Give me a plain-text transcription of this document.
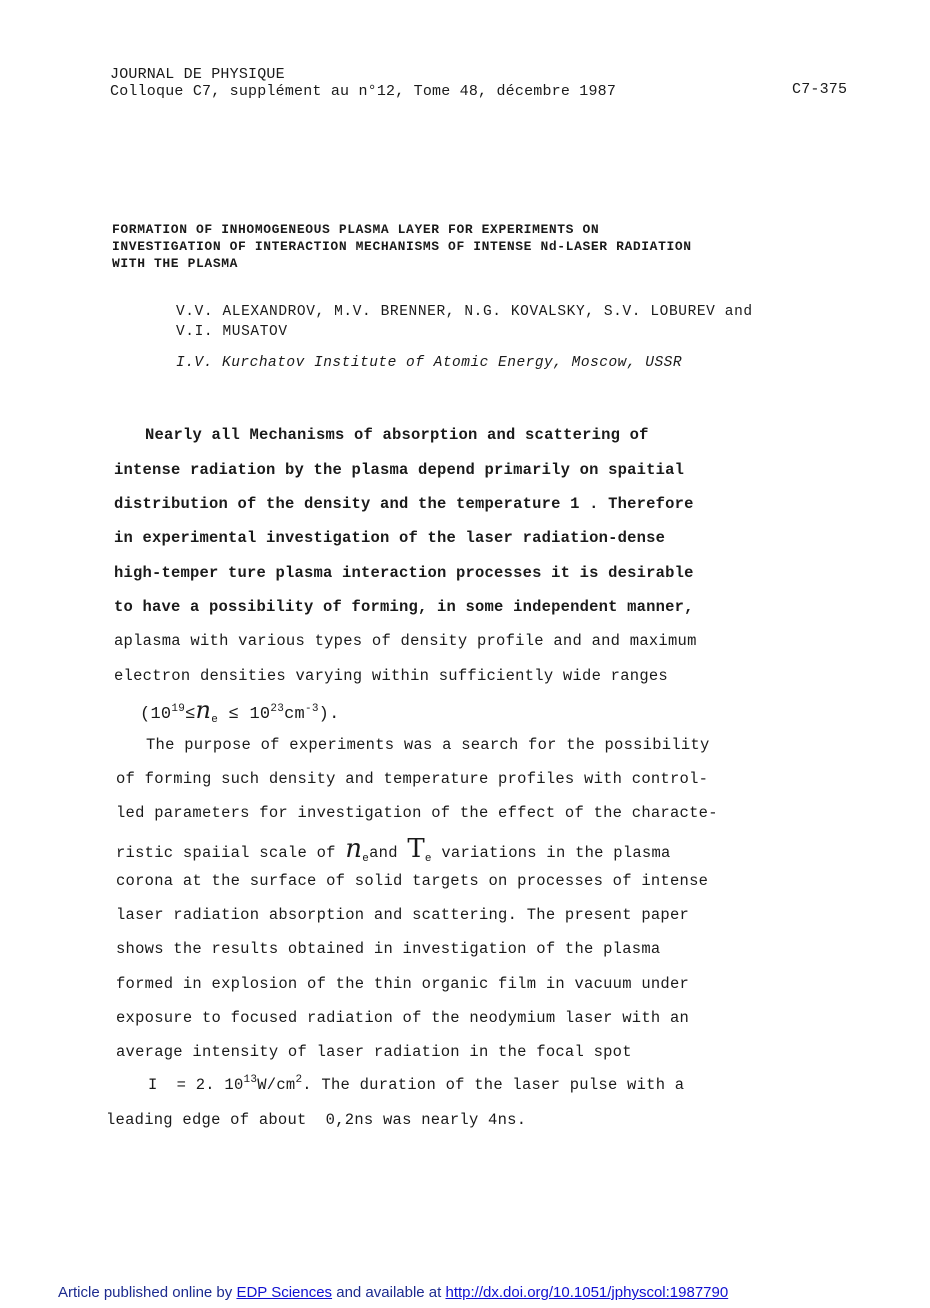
JOURNAL DE PHYSIQUE
Colloque C7, supplément au n°12, Tome 48, décembre 1987	C7-375
FORMATION OF INHOMOGENEOUS PLASMA LAYER FOR EXPERIMENTS ON
INVESTIGATION OF INTERACTION MECHANISMS OF INTENSE Nd-LASER RADIATION
WITH THE PLASMA
V.V. ALEXANDROV, M.V. BRENNER, N.G. KOVALSKY, S.V. LOBUREV and
V.I. MUSATOV
I.V. Kurchatov Institute of Atomic Energy, Moscow, USSR
Nearly all Mechanisms of absorption and scattering of
intense radiation by the plasma depend primarily on spaitial
distribution of the density and the temperature 1 . Therefore
in experimental investigation of the laser radiation-dense
high-temper ture plasma interaction processes it is desirable
to have a possibility of forming, in some independent manner,
aplasma with various types of density profile and and maximum
electron densities varying within sufficiently wide ranges
$(10^{19}\le n_e \le 10^{23}cm^{-3})$.
The purpose of experiments was a search for the possibility
of forming such density and temperature profiles with control-
led parameters for investigation of the effect of the characte-
ristic spaiial scale of $n_eand$ $T_e$ variations in the plasma
corona at the surface of solid targets on processes of intense
laser radiation absorption and scattering. The present paper
shows the results obtained in investigation of the plasma
formed in explosion of the thin organic film in vacuum under
exposure to focused radiation of the neodymium laser with an
average intensity of laser radiation in the focal spot
I  = 2. $10^{13}W/cm^2$. The duration of the laser pulse with a
leading edge of about  0,2ns was nearly 4ns.
Article published online by EDP Sciences and available at http://dx.doi.org/10.1051/jphyscol:1987790
